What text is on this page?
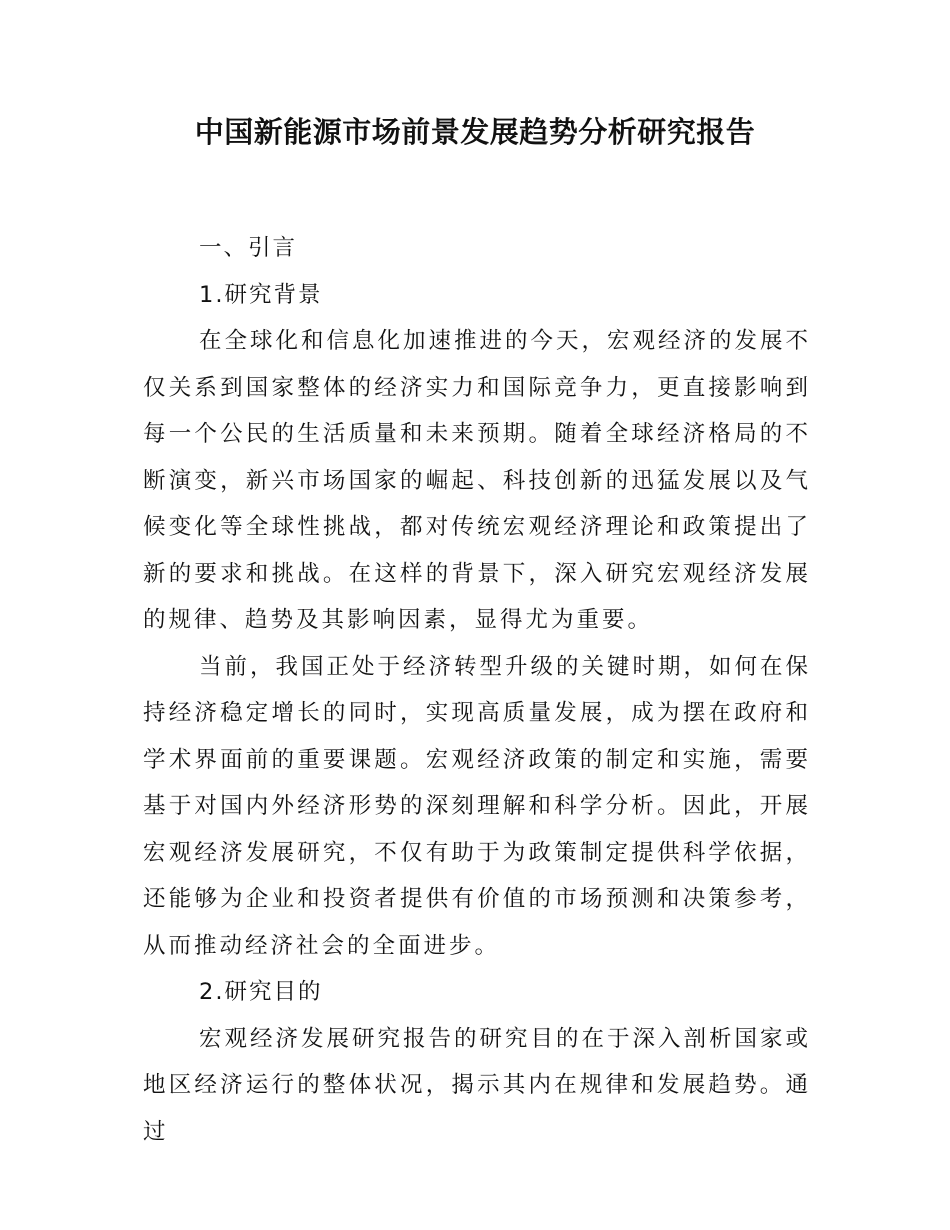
中国新能源市场前景发展趋势分析研究报告
一、引言
1.研究背景

在全球化和信息化加速推进的今天，宏观经济的发展不仅关系到国家整体的经济实力和国际竞争力，更直接影响到每一个公民的生活质量和未来预期。随着全球经济格局的不断演变，新兴市场国家的崛起、科技创新的迅猛发展以及气候变化等全球性挑战，都对传统宏观经济理论和政策提出了新的要求和挑战。在这样的背景下，深入研究宏观经济发展的规律、趋势及其影响因素，显得尤为重要。

当前，我国正处于经济转型升级的关键时期，如何在保持经济稳定增长的同时，实现高质量发展，成为摆在政府和学术界面前的重要课题。宏观经济政策的制定和实施，需要基于对国内外经济形势的深刻理解和科学分析。因此，开展宏观经济发展研究，不仅有助于为政策制定提供科学依据，还能够为企业和投资者提供有价值的市场预测和决策参考，从而推动经济社会的全面进步。

2.研究目的

宏观经济发展研究报告的研究目的在于深入剖析国家或地区经济运行的整体状况，揭示其内在规律和发展趋势。通过
